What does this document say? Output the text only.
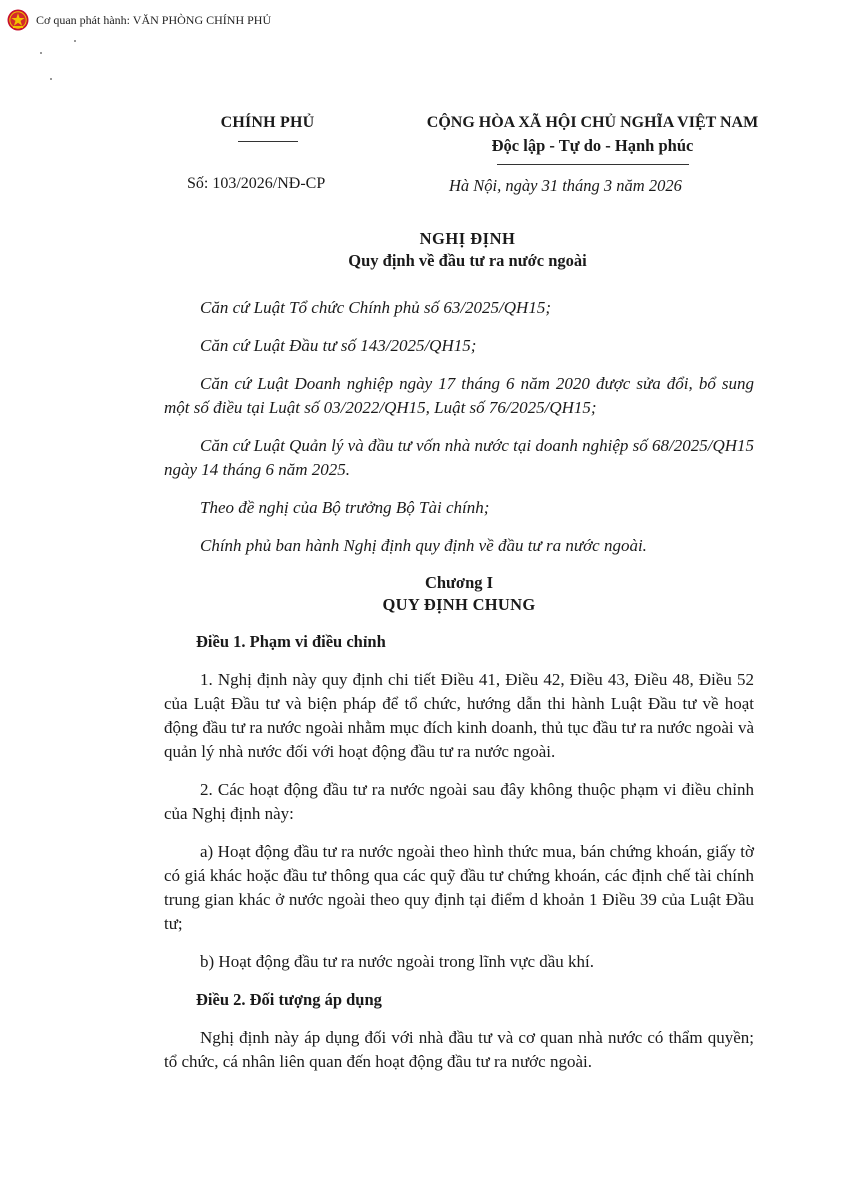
Cơ quan phát hành: VĂN PHÒNG CHÍNH PHỦ
CHÍNH PHỦ
Số: 103/2026/NĐ-CP
CỘNG HÒA XÃ HỘI CHỦ NGHĨA VIỆT NAM
Độc lập - Tự do - Hạnh phúc
Hà Nội, ngày 31 tháng 3 năm 2026
NGHỊ ĐỊNH
Quy định về đầu tư ra nước ngoài

Căn cứ Luật Tổ chức Chính phủ số 63/2025/QH15;

Căn cứ Luật Đầu tư số 143/2025/QH15;

Căn cứ Luật Doanh nghiệp ngày 17 tháng 6 năm 2020 được sửa đổi, bổ sung một số điều tại Luật số 03/2022/QH15, Luật số 76/2025/QH15;

Căn cứ Luật Quản lý và đầu tư vốn nhà nước tại doanh nghiệp số 68/2025/QH15 ngày 14 tháng 6 năm 2025.

Theo đề nghị của Bộ trưởng Bộ Tài chính;

Chính phủ ban hành Nghị định quy định về đầu tư ra nước ngoài.

Chương I
QUY ĐỊNH CHUNG
Điều 1. Phạm vi điều chỉnh

1. Nghị định này quy định chi tiết Điều 41, Điều 42, Điều 43, Điều 48, Điều 52 của Luật Đầu tư và biện pháp để tổ chức, hướng dẫn thi hành Luật Đầu tư về hoạt động đầu tư ra nước ngoài nhằm mục đích kinh doanh, thủ tục đầu tư ra nước ngoài và quản lý nhà nước đối với hoạt động đầu tư ra nước ngoài.

2. Các hoạt động đầu tư ra nước ngoài sau đây không thuộc phạm vi điều chỉnh của Nghị định này:

a) Hoạt động đầu tư ra nước ngoài theo hình thức mua, bán chứng khoán, giấy tờ có giá khác hoặc đầu tư thông qua các quỹ đầu tư chứng khoán, các định chế tài chính trung gian khác ở nước ngoài theo quy định tại điểm d khoản 1 Điều 39 của Luật Đầu tư;

b) Hoạt động đầu tư ra nước ngoài trong lĩnh vực dầu khí.

Điều 2. Đối tượng áp dụng

Nghị định này áp dụng đối với nhà đầu tư và cơ quan nhà nước có thẩm quyền; tổ chức, cá nhân liên quan đến hoạt động đầu tư ra nước ngoài.
